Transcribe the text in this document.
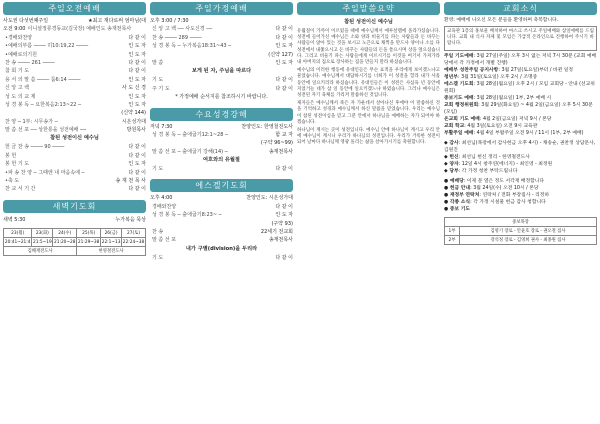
주일오전예배
사도권 다섯번째주일	★최고 재다로써 엄마님(대
오전 9:00 이니셜정류경동교(김국장) 예배인도 송재천목사
•경배와찬양	다 같 이
•예배의부름 ──── 히10:19,22 ────	인 도 자
•예배로의기원	인 도 자
찬 송 ──── 261 ────	다 같 이
참 회 기 도	다 같 이
용 서 의 말 씀 ──── 룸6:14 ────	인 도 자
신 앙 고 백	사 도 신 경
성 도 의 교 제	인 도 자
성 경 봉 독 ─ 요한복음2:13~22 ─	인 도 자
(신약 144)
찬 양 ─ 1부: 시무송가 ─	시온성가대
말 씀 선 포 ── 상한통을 성전예배 ──	방원목사
참된 성전이신 예수님
헌 금 찬 송 ──── 90 ────	다 같 이
봉 헌	다 같 이
봉 헌 기 도	인 도 자
•파 송 찬 양 ─ 그때엔 내 마음속에 ─	다 같 이
•축 도	송 재 천 목 사
찬 교 서 기 간	다 같 이
새벽기도회
새벽 5:30	누가복음 묵상
23(월)	23(화)	24(수)	25(목)	26(금)	27(토)
20:41~21:4	21:5~19	21:20~28	21:29~38	22:1~13	22:24~38
김혜재전도사			한영철전도사		
주일가정예배
오후 3:00 / 7:30
신 앙 고 백 ── 사도신경 ──	다 같 이
찬 송 ──── 289 ────	다 같 이
성 경 봉 독 ─ 누가복음18:31~43 ─	인 도 자
(신약 127)
말 씀	인 도 자
보게 된 자, 주님을 따르다
기 도	다 같 이
주 기 도	다 같 이
* 가정예배 순서지를 참조하시기 바랍니다.
수요성경강해
저녁 7:30	찬양인도: 한영철전도사
성 경 봉 독 ─ 출애굽기12:1~28 ─	함 교 자
(구약 96~99)
말 씀 선 포 ─ 출애굽기 강해(14) ─	송재천목사
여호와의 유월절
기 도	다 같 이
에스겔기도회
오후 4:00	찬양인도: 시온성가대
경배와찬양	다 같 이
성 경 봉 독 ─ 출애굽기8:23~ ─	인 도 자
(구약 93)
찬 송	22세기 전교회
말 씀 선 포	송재천목사
내가 구별(division)을 두리라
기 도	다 같 이
주일말씀요약
참된 성전이신 예수님
유월절이 가까이 이르렀을 때에 예수님께서 예루살렘에 올라가셨습니다. 성전에 들어가신 예수님은 소와 양과 비둘기를 파는 사람들과 돈 바꾸는 사람들이 앉아 있는 것을 보시고 노끈으로 채찍을 만드사 양이나 소를 다 성전에서 내쫓으시고 돈 바꾸는 사람들의 돈을 쏟으시며 상을 엎으셨습니다. 그리고 비둘기 파는 사람들에게 이르시기를 이것을 여기서 가져가라 내 아버지의 집으로 장사하는 집을 만들지 말라 하셨습니다.
예수님의 이러한 행동에 유대인들은 무슨 표적을 우리에게 보이겠느냐고 물었습니다. 예수님께서 대답하시기를 너희가 이 성전을 헐라 내가 사흘 동안에 일으키리라 하셨습니다. 유대인들은 이 성전은 사십육 년 동안에 지었거늘 네가 삼 일 동안에 일으키겠느냐 하였습니다. 그러나 예수님은 성전된 자기 육체를 가리켜 말씀하신 것입니다.
제자들은 예수님께서 죽은 자 가운데서 살아나신 후에야 이 말씀하신 것을 기억하고 성경과 예수님께서 하신 말씀을 믿었습니다. 우리는 예수님이 참된 성전이심을 믿고 그분 안에서 하나님을 예배하는 자가 되어야 하겠습니다.
하나님이 계시는 곳이 성전입니다. 예수님 안에 하나님이 계시고 우리 안에 예수님이 계시니 우리가 하나님의 성전입니다. 우리가 거룩한 성전이 되어 날마다 하나님께 영광 돌리는 삶을 살아가시기를 축원합니다.
교회소식
환영: 예배에 나오신 모든 분들을 환영하며 축복합니다.
교육관 1층의 홍보물 배치하여 마스크 쓰시고 주일예배와 삼일예배를 드립니다. 교회 내 식사 자제 및 모임은 가급적 온라인으로 진행하여 주시기 바랍니다.
주일 기도예배: 3월 27일(주일) 오후 3시 없는 저녁 7시 30분 (교회 예배당에서 각 가정에서 개별 진행)
예배부 성찬주일 공지사항: 3월 27일(토요일)부터 / 바뀐 일정
청년부: 3월 31일(토요일) 오후 2시 / 조명중
에스겔 기도회: 3월 28일(월요일) 오후 2시 / 모임 교회당 - 안내 (선교위원회)
중보기도 예배: 3월 28일(월요일) 1부, 2부 예배 시
교회 행정위원회: 3월 29일(화요일) ~ 4월 2일(금요일) 오후 5시 30분 (모임)
온교회 기도 예배: 4월 2일(금요일) 저녁 9시 / 본당
교회 학교: 4월 3일(토요일) 오전 9시 교육관
부활주일 예배: 4월 4일 부활주일 오전 9시 / 11시 (1부, 2부 예배)
◆ 감사: 최선님(목장에서 감사헌금 오후 4시) - 채송순, 권찬정 상담문사, 김원진
◆ 헌신: 최선님 헌신 정리 - 한영철전도사
◆ 양자: 12일 4시 창주연(에너지) - 최인영 - 최정원
◆ 당부: 각 가정 청찬 부탁드립니다
● 예배당: 이제 문 열은 정도 서각재 배정합니다
● 헌금 안내: 3월 24일(수) 오전 10시 / 본당
● 재정부 연락처: 연락처 / 전화 부장집사 - 리정하
● 각종 소식: 각 가정 시설물 헌금 감사 청합니다
● 중보 기도
중보목장	
1부	김영기 장로 - 안윤호 장로 - 권오철 집사
2부	강석정 장로 - 김영희 권사 - 최종원 집사
